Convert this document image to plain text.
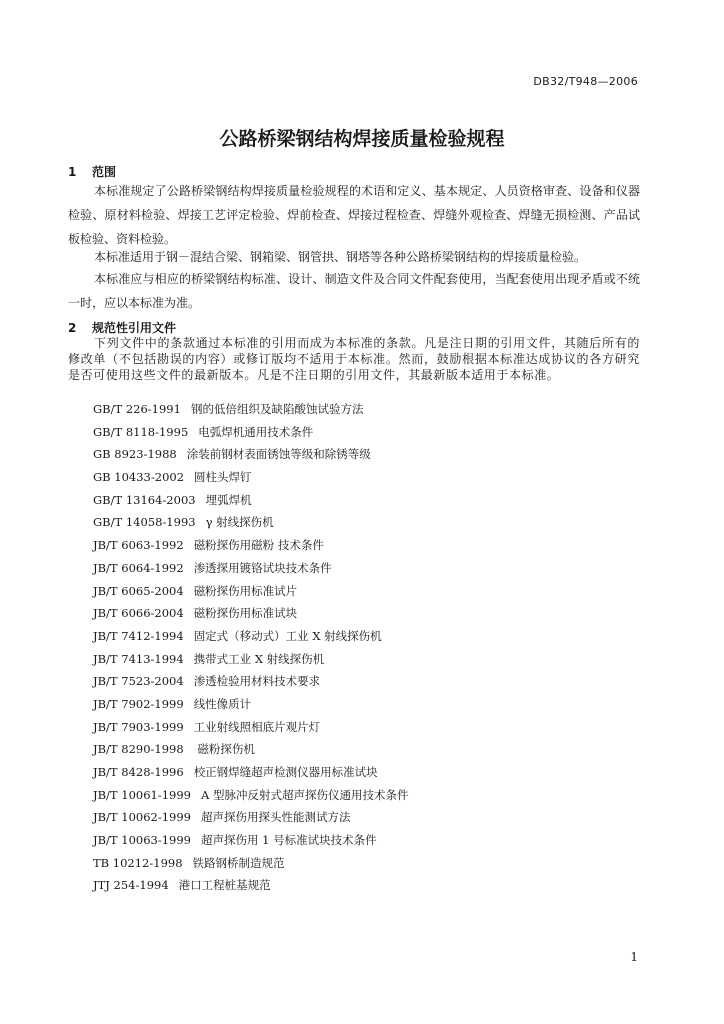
DB32/T948—2006
公路桥梁钢结构焊接质量检验规程
1 范围
本标准规定了公路桥梁钢结构焊接质量检验规程的术语和定义、基本规定、人员资格审查、设备和仪器检验、原材料检验、焊接工艺评定检验、焊前检查、焊接过程检查、焊缝外观检查、焊缝无损检测、产品试板检验、资料检验。
本标准适用于钢－混结合梁、钢箱梁、钢管拱、钢塔等各种公路桥梁钢结构的焊接质量检验。
本标准应与相应的桥梁钢结构标准、设计、制造文件及合同文件配套使用，当配套使用出现矛盾或不统一时，应以本标准为准。
2 规范性引用文件
下列文件中的条款通过本标准的引用而成为本标准的条款。凡是注日期的引用文件，其随后所有的修改单（不包括勘误的内容）或修订版均不适用于本标准。然而，鼓励根据本标准达成协议的各方研究是否可使用这些文件的最新版本。凡是不注日期的引用文件，其最新版本适用于本标准。
GB/T 226-1991 钢的低倍组织及缺陷酸蚀试验方法
GB/T 8118-1995 电弧焊机通用技术条件
GB 8923-1988 涂装前钢材表面锈蚀等级和除锈等级
GB 10433-2002 圆柱头焊钉
GB/T 13164-2003 埋弧焊机
GB/T 14058-1993 γ 射线探伤机
JB/T 6063-1992 磁粉探伤用磁粉 技术条件
JB/T 6064-1992 渗透探用镀铬试块技术条件
JB/T 6065-2004 磁粉探伤用标准试片
JB/T 6066-2004 磁粉探伤用标准试块
JB/T 7412-1994 固定式（移动式）工业 X 射线探伤机
JB/T 7413-1994 携带式工业 X 射线探伤机
JB/T 7523-2004 渗透检验用材料技术要求
JB/T 7902-1999 线性像质计
JB/T 7903-1999 工业射线照相底片观片灯
JB/T 8290-1998 磁粉探伤机
JB/T 8428-1996 校正钢焊缝超声检测仪器用标准试块
JB/T 10061-1999 A 型脉冲反射式超声探伤仪通用技术条件
JB/T 10062-1999 超声探伤用探头性能测试方法
JB/T 10063-1999 超声探伤用 1 号标准试块技术条件
TB 10212-1998 铁路钢桥制造规范
JTJ 254-1994 港口工程桩基规范
1
